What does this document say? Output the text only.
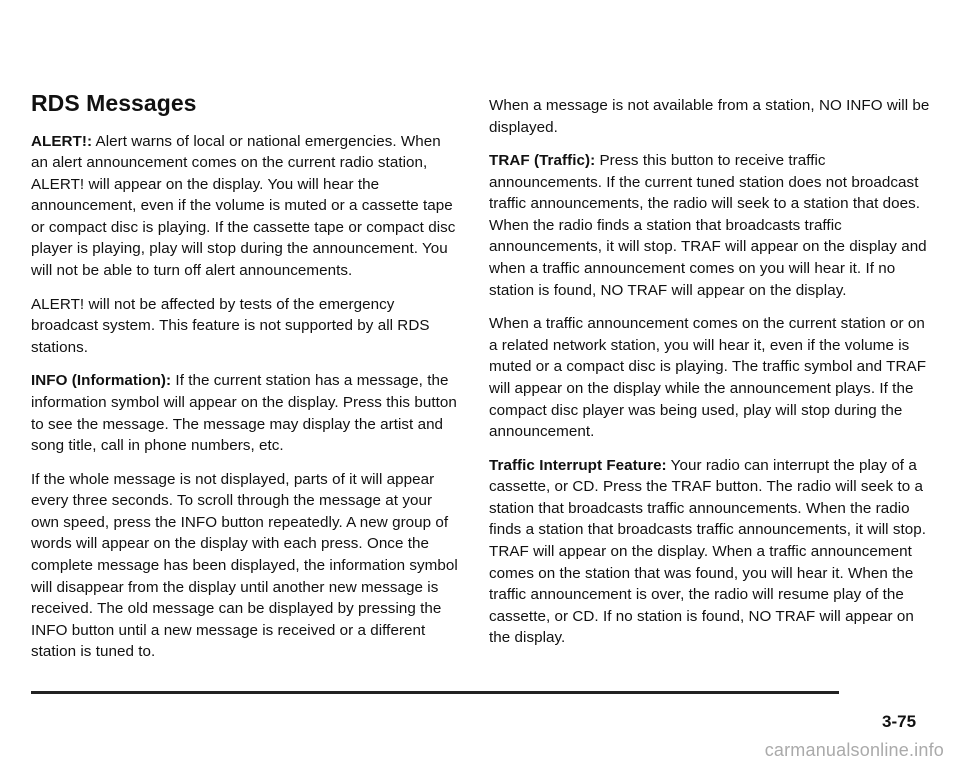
RDS Messages

ALERT!: Alert warns of local or national emergencies. When an alert announcement comes on the current radio station, ALERT! will appear on the display. You will hear the announcement, even if the volume is muted or a cassette tape or compact disc is playing. If the cassette tape or compact disc player is playing, play will stop during the announcement. You will not be able to turn off alert announcements.

ALERT! will not be affected by tests of the emergency broadcast system. This feature is not supported by all RDS stations.

INFO (Information): If the current station has a message, the information symbol will appear on the display. Press this button to see the message. The message may display the artist and song title, call in phone numbers, etc.

If the whole message is not displayed, parts of it will appear every three seconds. To scroll through the message at your own speed, press the INFO button repeatedly. A new group of words will appear on the display with each press. Once the complete message has been displayed, the information symbol will disappear from the display until another new message is received. The old message can be displayed by pressing the INFO button until a new message is received or a different station is tuned to.

When a message is not available from a station, NO INFO will be displayed.

TRAF (Traffic): Press this button to receive traffic announcements. If the current tuned station does not broadcast traffic announcements, the radio will seek to a station that does. When the radio finds a station that broadcasts traffic announcements, it will stop. TRAF will appear on the display and when a traffic announcement comes on you will hear it. If no station is found, NO TRAF will appear on the display.

When a traffic announcement comes on the current station or on a related network station, you will hear it, even if the volume is muted or a compact disc is playing. The traffic symbol and TRAF will appear on the display while the announcement plays. If the compact disc player was being used, play will stop during the announcement.

Traffic Interrupt Feature: Your radio can interrupt the play of a cassette, or CD. Press the TRAF button. The radio will seek to a station that broadcasts traffic announcements. When the radio finds a station that broadcasts traffic announcements, it will stop. TRAF will appear on the display. When a traffic announcement comes on the station that was found, you will hear it. When the traffic announcement is over, the radio will resume play of the cassette, or CD. If no station is found, NO TRAF will appear on the display.

3-75
carmanualsonline.info
